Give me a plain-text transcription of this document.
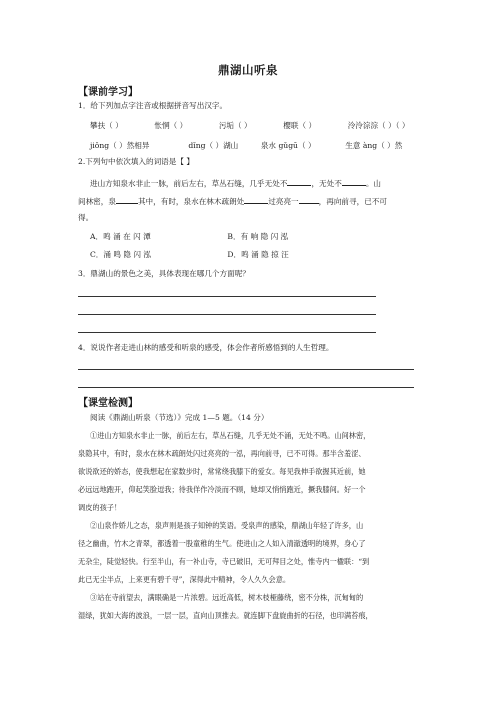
鼎湖山听泉
【课前学习】
1．给下列加点字注音或根据拼音写出汉字。
攀扶（ ）	怅惘（ ）	污垢（ ）	樱联（ ）	泠泠淙淙（ ）（ ）
jiǒng（ ）然相异	dǐng（ ）湖山	泉水 gǔgū（ ）	生意 àng（ ）然
2.下列句中依次填入的词语是【 】
进山方知泉水非止一脉，前后左右，草丛石缝，几乎无处不	，无处不	。山
间林密，泉	其中，有时，泉水在林木疏朗处	过亮亮一	，再向前寻，已不可
得。
A．鸣 涌 在 闪 潭	B．有 响 隐 闪 泓
C．涌 鸣 隐 闪 泓	D．鸣 涌 隐 掠 汪
3．鼎湖山的景色之美，具体表现在哪几个方面呢？
4．说说作者走进山林的感受和听泉的感受，体会作者所感悟到的人生哲理。
【课堂检测】
阅读《鼎湖山听泉（节选）》完成 1—5 题。（14 分）
①进山方知泉水非止一脉，前后左右，草丛石缝，几乎无处不涌，无处不鸣。山间林密，
泉隐其中，有时，泉水在林木疏朗处闪过亮亮的一泓，再向前寻，已不可得。那半含羞涩、
欲说欲还的娇态，使我想起在家数步时，常常绕我膝下的爱女。每见我伸手欲握其近前，她
必远远地跑开，仰起笑脸逗我；待我佯作冷淡而不顾，她却又悄悄跑近，撅我膝间。好一个
调皮的孩子！
②山泉作娇儿之态，泉声则是孩子知钟的笑语。受泉声的感染，鼎湖山年轻了许多，山
径之幽曲，竹木之青翠，都透着一股童稚的生气。使进山之人如入清澈透明的境界，身心了
无杂尘，陡觉轻快。行至半山，有一补山寺，寺已破旧，无可拜目之处，惟寺内一楹联：“到
此已无尘半点，上来更有碧千寻”，深得此中精神，令人久久会意。
③站在寺前望去，满眼确是一片浓碧。远近高低，树木枝桠藤绕，密不分株，沉甸甸的
湿绿，犹如大海的波浪，一层一层，直向山顶推去。就连脚下盘旋曲折的石径，也印满苔痕，
